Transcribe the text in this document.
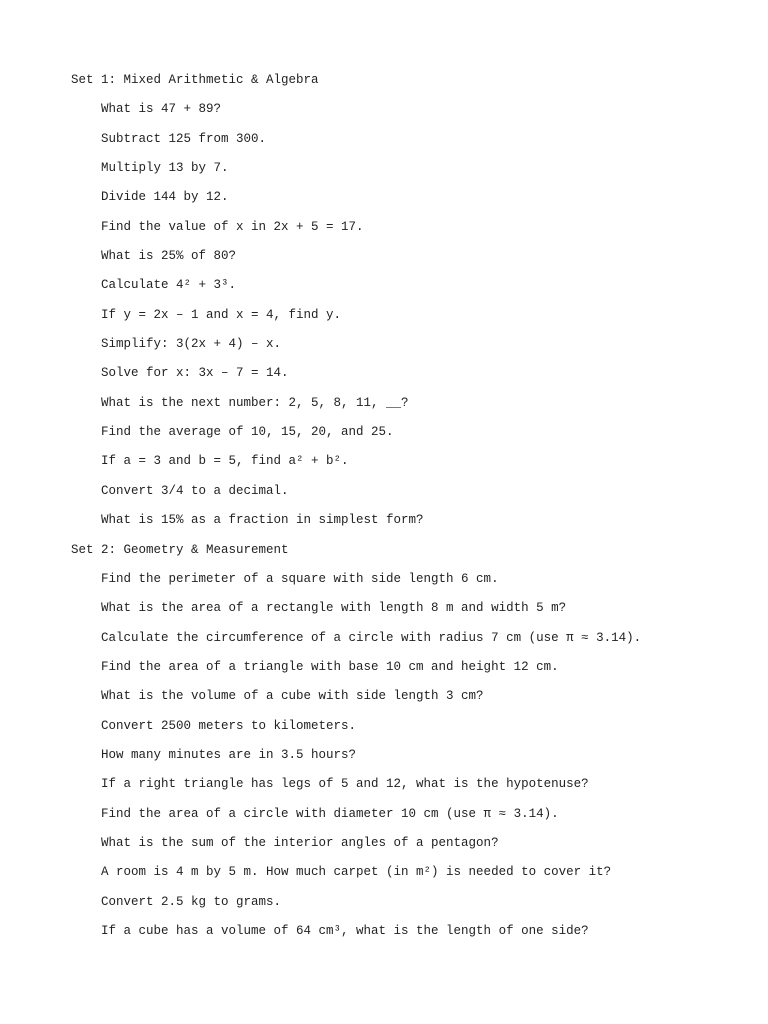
Set 1: Mixed Arithmetic & Algebra
What is 47 + 89?
Subtract 125 from 300.
Multiply 13 by 7.
Divide 144 by 12.
Find the value of x in 2x + 5 = 17.
What is 25% of 80?
Calculate 4² + 3³.
If y = 2x – 1 and x = 4, find y.
Simplify: 3(2x + 4) – x.
Solve for x: 3x – 7 = 14.
What is the next number: 2, 5, 8, 11, __?
Find the average of 10, 15, 20, and 25.
If a = 3 and b = 5, find a² + b².
Convert 3/4 to a decimal.
What is 15% as a fraction in simplest form?
Set 2: Geometry & Measurement
Find the perimeter of a square with side length 6 cm.
What is the area of a rectangle with length 8 m and width 5 m?
Calculate the circumference of a circle with radius 7 cm (use π ≈ 3.14).
Find the area of a triangle with base 10 cm and height 12 cm.
What is the volume of a cube with side length 3 cm?
Convert 2500 meters to kilometers.
How many minutes are in 3.5 hours?
If a right triangle has legs of 5 and 12, what is the hypotenuse?
Find the area of a circle with diameter 10 cm (use π ≈ 3.14).
What is the sum of the interior angles of a pentagon?
A room is 4 m by 5 m. How much carpet (in m²) is needed to cover it?
Convert 2.5 kg to grams.
If a cube has a volume of 64 cm³, what is the length of one side?
